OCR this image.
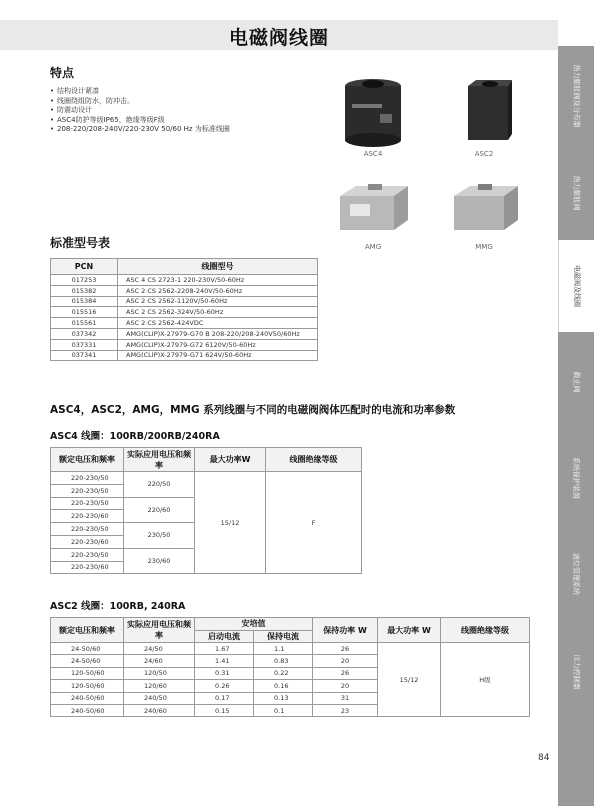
电磁阀线圈
热力膨胀阀及分布器
热力膨胀阀
电磁阀及线圈
截止阀
系统保护装置
液位管理系统
压力控制器
特点
• 结构设计紧凑
• 线圈绕组防水，防冲击。
• 防震动设计
• ASC4防护等级IP65，绝缘等级F级
• 208-220/208-240V/220-230V 50/60 Hz 为标准线圈
ASC4	ASC2
AMG	MMG
标准型号表
PCN	线圈型号
017253	ASC 4 CS 2723-1 220-230V/50-60Hz
015382	ASC 2 CS 2562-2208-240V/50-60Hz
015384	ASC 2 CS 2562-1120V/50-60Hz
015516	ASC 2 CS 2562-324V/50-60Hz
015561	ASC 2 CS 2562-424VDC
037342	AMG(CLIP)X-27979-G70 B 208-220/208-240V50/60Hz
037331	AMG(CLIP)X-27979-G72 6120V/50-60Hz
037341	AMG(CLIP)X-27979-G71 624V/50-60Hz
ASC4，ASC2，AMG，MMG 系列线圈与不同的电磁阀阀体匹配时的电流和功率参数
ASC4 线圈：100RB/200RB/240RA
额定电压和频率	实际应用电压和频率	最大功率W	线圈绝缘等级
220-230/50	220/50	15/12	F
220-230/50			
220-230/50	220/60		
220-230/60			
220-230/50	230/50		
220-230/60			
220-230/50	230/60		
220-230/60			
ASC2 线圈：100RB, 240RA
额定电压和频率	实际应用电压和频率	安培值		保持功率 W	最大功率 W	线圈绝缘等级
		启动电流	保持电流			
24-50/60	24/50	1.67	1.1	26	15/12	H级
24-50/60	24/60	1.41	0.83	20		
120-50/60	120/50	0.31	0.22	26		
120-50/60	120/60	0.26	0.16	20		
240-50/60	240/50	0.17	0.13	31		
240-50/60	240/60	0.15	0.1	23		
84
